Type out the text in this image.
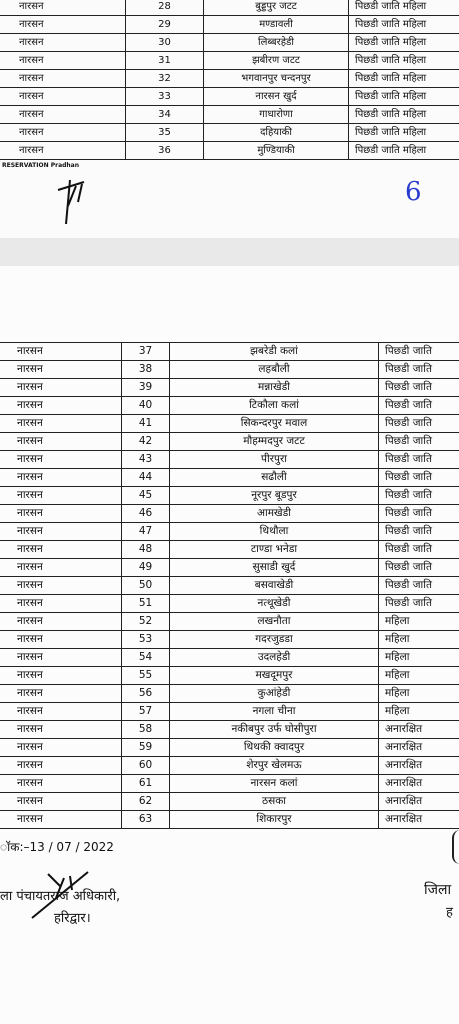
नारसन	28	बुड्डपुर जटट	पिछडी जाति महिला
नारसन	29	मण्डावली	पिछडी जाति महिला
नारसन	30	लिब्बरहेडी	पिछडी जाति महिला
नारसन	31	झबीरण जटट	पिछडी जाति महिला
नारसन	32	भगवानपुर चन्दनपुर	पिछडी जाति महिला
नारसन	33	नारसन खुर्द	पिछडी जाति महिला
नारसन	34	गाधारोणा	पिछडी जाति महिला
नारसन	35	दहियाकी	पिछडी जाति महिला
नारसन	36	मुण्डियाकी	पिछडी जाति महिला
RESERVATION Pradhan
6
नारसन	37	झबरेडी कलां	पिछडी जाति
नारसन	38	लहबौली	पिछडी जाति
नारसन	39	मन्नाखेडी	पिछडी जाति
नारसन	40	टिकौला कलां	पिछडी जाति
नारसन	41	सिकन्दरपुर मवाल	पिछडी जाति
नारसन	42	मौहम्मदपुर जटट	पिछडी जाति
नारसन	43	पीरपुरा	पिछडी जाति
नारसन	44	सढौली	पिछडी जाति
नारसन	45	नूरपुर बूडपुर	पिछडी जाति
नारसन	46	आमखेडी	पिछडी जाति
नारसन	47	थिथौला	पिछडी जाति
नारसन	48	टाण्डा भनेडा	पिछडी जाति
नारसन	49	सुसाडी खुर्द	पिछडी जाति
नारसन	50	बसवाखेडी	पिछडी जाति
नारसन	51	नत्थूखेडी	पिछडी जाति
नारसन	52	लखनौता	महिला
नारसन	53	गदरजुडडा	महिला
नारसन	54	उदलहेडी	महिला
नारसन	55	मखदूमपुर	महिला
नारसन	56	कुआंहेडी	महिला
नारसन	57	नगला चीना	महिला
नारसन	58	नकीबपुर उर्फ घोसीपुरा	अनारक्षित
नारसन	59	थिथकी क्वादपुर	अनारक्षित
नारसन	60	शेरपुर खेलमऊ	अनारक्षित
नारसन	61	नारसन कलां	अनारक्षित
नारसन	62	ठसका	अनारक्षित
नारसन	63	शिकारपुर	अनारक्षित
ॉक:–13 / 07 / 2022
ला पंचायतराज अधिकारी,
हरिद्वार।
जिला
ह
